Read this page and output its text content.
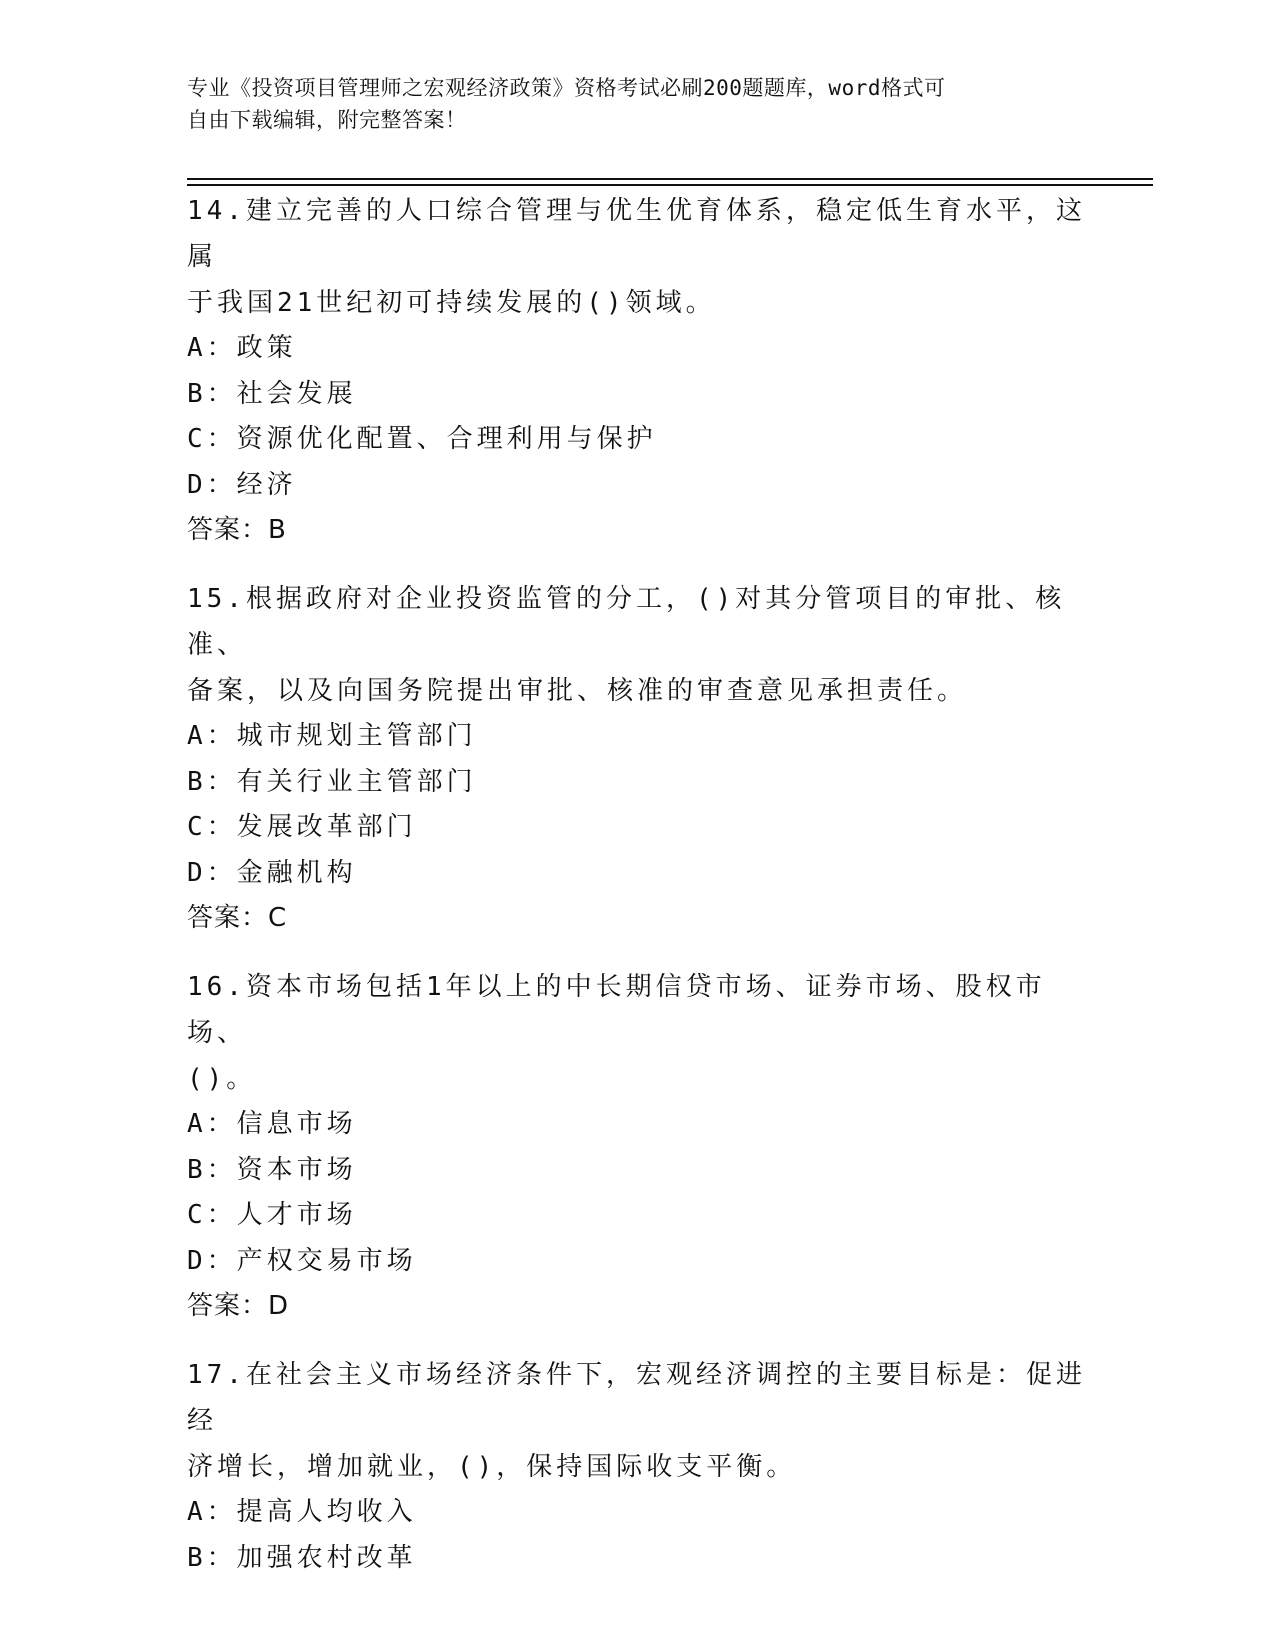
专业《投资项目管理师之宏观经济政策》资格考试必刷200题题库，word格式可
自由下载编辑，附完整答案！
14.建立完善的人口综合管理与优生优育体系，稳定低生育水平，这属
于我国21世纪初可持续发展的()领域。
A：政策
B：社会发展
C：资源优化配置、合理利用与保护
D：经济
答案：B
15.根据政府对企业投资监管的分工，()对其分管项目的审批、核准、
备案，以及向国务院提出审批、核准的审查意见承担责任。
A：城市规划主管部门
B：有关行业主管部门
C：发展改革部门
D：金融机构
答案：C
16.资本市场包括1年以上的中长期信贷市场、证券市场、股权市场、
()。
A：信息市场
B：资本市场
C：人才市场
D：产权交易市场
答案：D
17.在社会主义市场经济条件下，宏观经济调控的主要目标是：促进经
济增长，增加就业，()，保持国际收支平衡。
A：提高人均收入
B：加强农村改革
